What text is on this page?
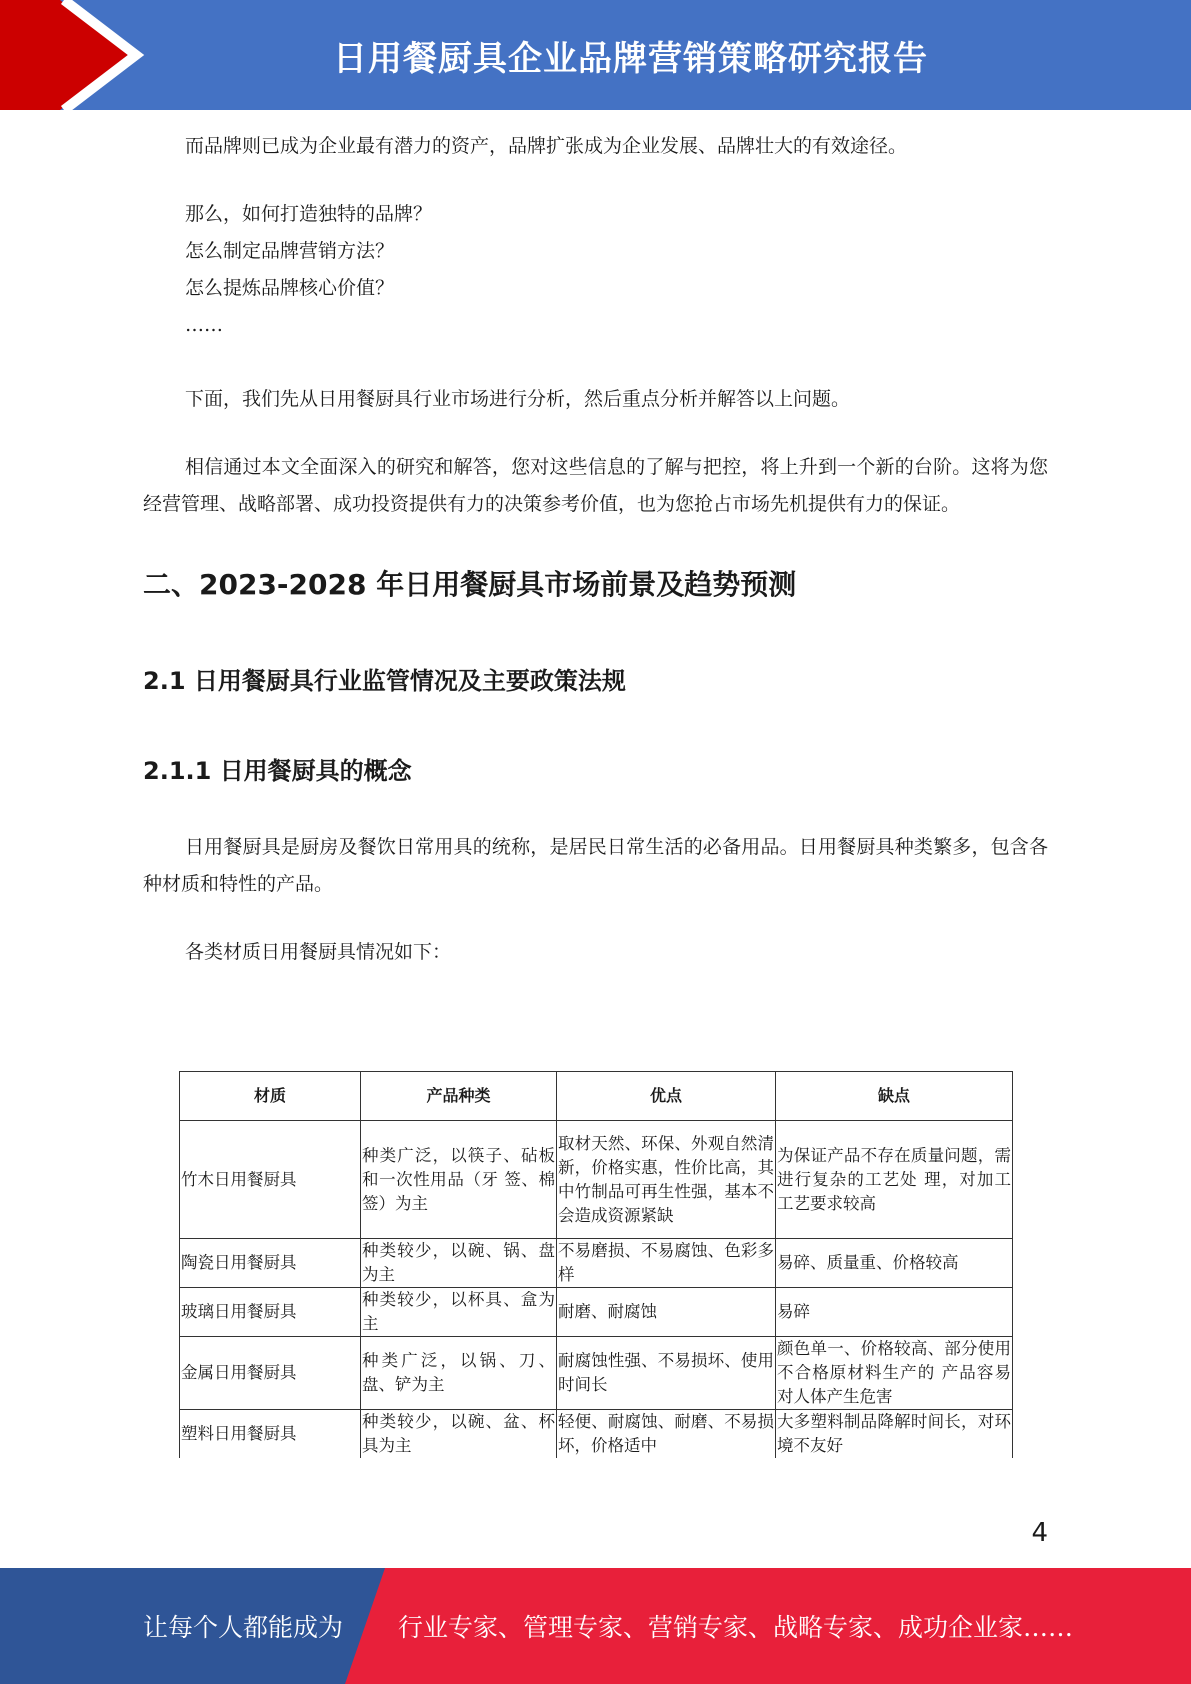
日用餐厨具企业品牌营销策略研究报告

而品牌则已成为企业最有潜力的资产，品牌扩张成为企业发展、品牌壮大的有效途径。

那么，如何打造独特的品牌？

怎么制定品牌营销方法？

怎么提炼品牌核心价值？

……

下面，我们先从日用餐厨具行业市场进行分析，然后重点分析并解答以上问题。

相信通过本文全面深入的研究和解答，您对这些信息的了解与把控，将上升到一个新的台阶。这将为您经营管理、战略部署、成功投资提供有力的决策参考价值，也为您抢占市场先机提供有力的保证。

二、2023-2028 年日用餐厨具市场前景及趋势预测
2.1 日用餐厨具行业监管情况及主要政策法规
2.1.1 日用餐厨具的概念

日用餐厨具是厨房及餐饮日常用具的统称，是居民日常生活的必备用品。日用餐厨具种类繁多，包含各种材质和特性的产品。

各类材质日用餐厨具情况如下：

材质	产品种类	优点	缺点
竹木日用餐厨具	种类广泛，以筷子、砧板和一次性用品（牙 签、棉签）为主	取材天然、环保、外观自然清新，价格实惠，性价比高，其中竹制品可再生性强，基本不会造成资源紧缺	为保证产品不存在质量问题，需进行复杂的工艺处 理，对加工工艺要求较高
陶瓷日用餐厨具	种类较少，以碗、锅、盘为主	不易磨损、不易腐蚀、色彩多样	易碎、质量重、价格较高
玻璃日用餐厨具	种类较少，以杯具、盒为主	耐磨、耐腐蚀	易碎
金属日用餐厨具	种类广泛，以锅、刀、盘、铲为主	耐腐蚀性强、不易损坏、使用时间长	颜色单一、价格较高、部分使用不合格原材料生产的 产品容易对人体产生危害
塑料日用餐厨具	种类较少，以碗、盆、杯具为主	轻便、耐腐蚀、耐磨、不易损坏，价格适中	大多塑料制品降解时间长，对环境不友好
4
让每个人都能成为 行业专家、管理专家、营销专家、战略专家、成功企业家……
